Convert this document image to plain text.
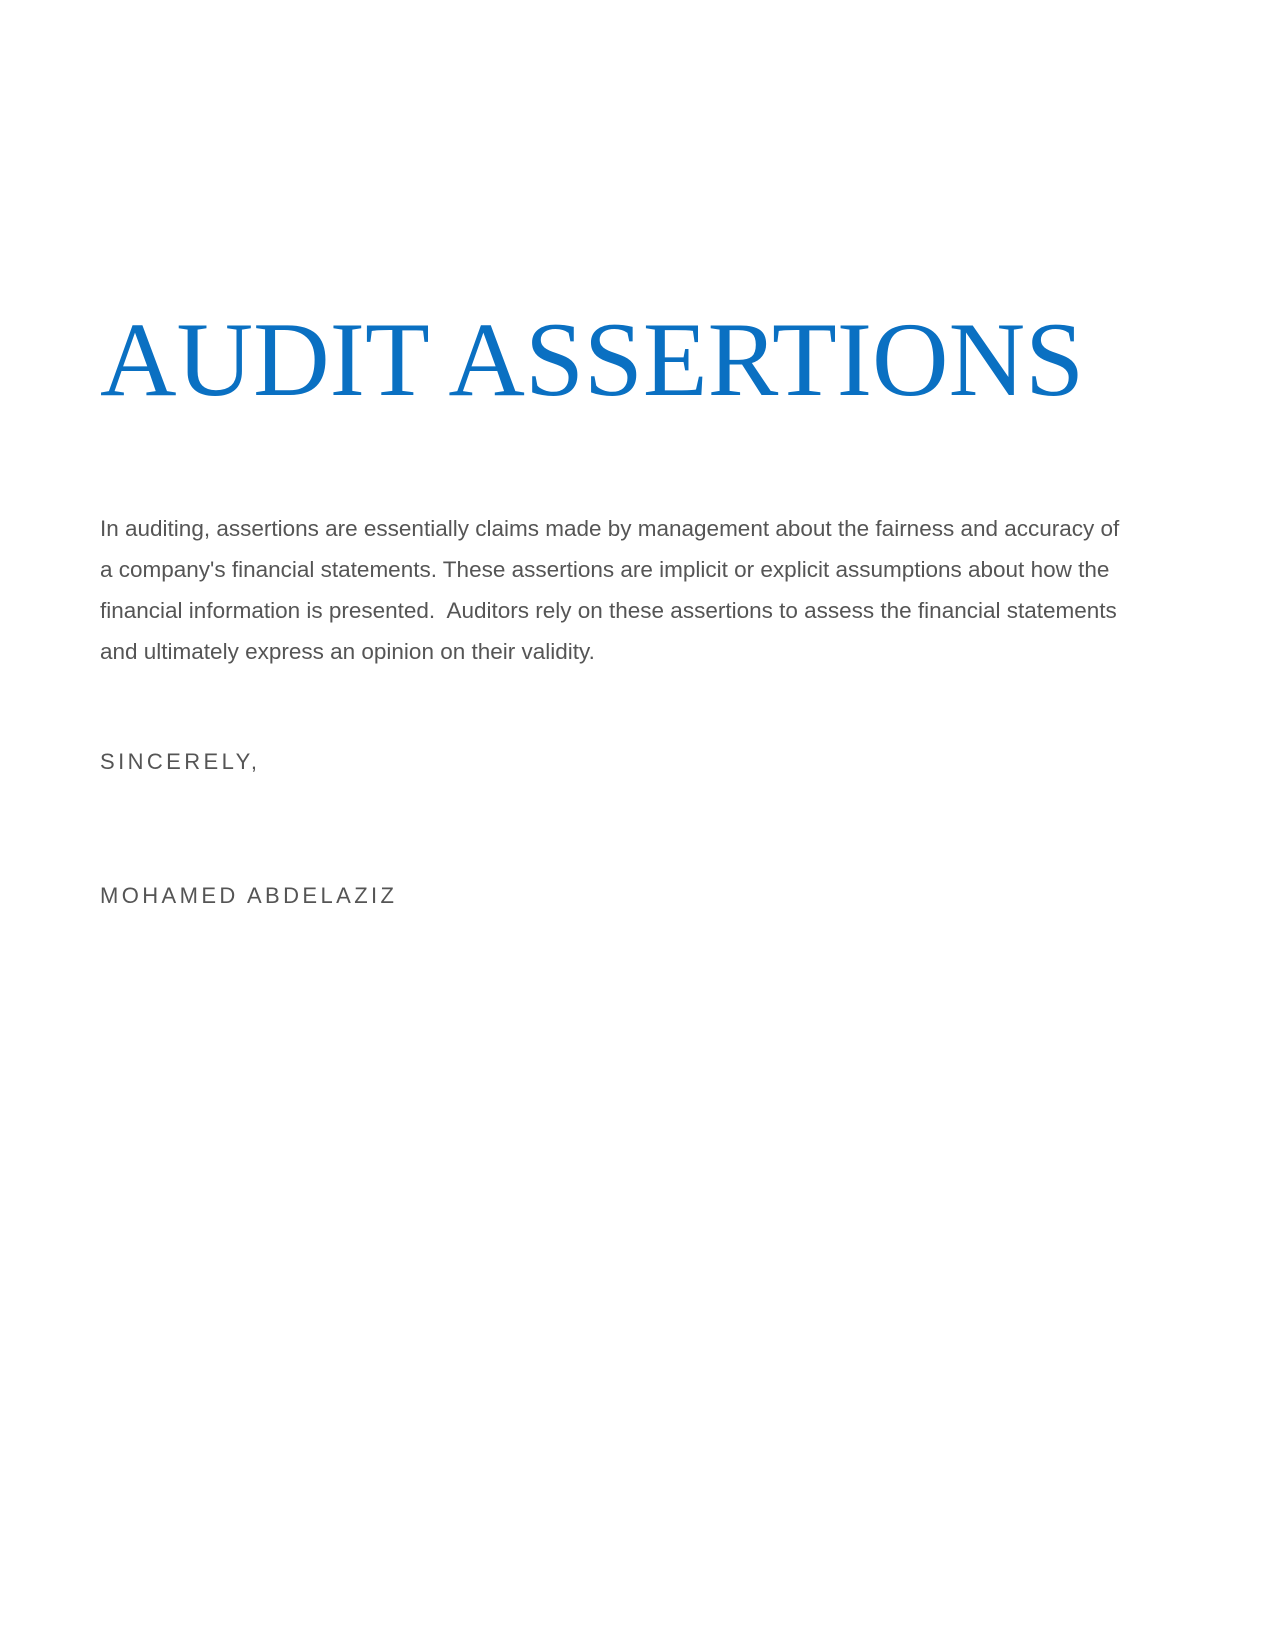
AUDIT ASSERTIONS

In auditing, assertions are essentially claims made by management about the fairness and accuracy of a company's financial statements. These assertions are implicit or explicit assumptions about how the financial information is presented.  Auditors rely on these assertions to assess the financial statements and ultimately express an opinion on their validity.

SINCERELY,

MOHAMED ABDELAZIZ
